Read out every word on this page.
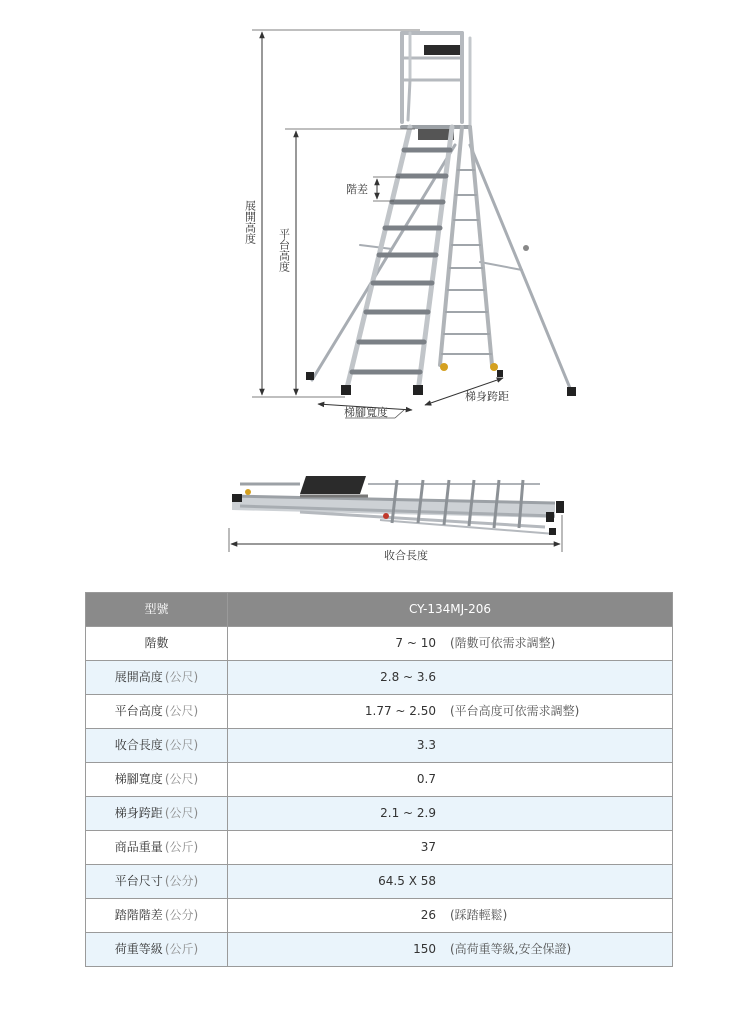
展開高度
平台高度
階差
梯腳寬度
梯身跨距
收合長度
型號	CY-134MJ-206
階數	7 ~ 10 (階數可依需求調整)
展開高度 (公尺)	2.8 ~ 3.6
平台高度 (公尺)	1.77 ~ 2.50 (平台高度可依需求調整)
收合長度 (公尺)	3.3
梯腳寬度 (公尺)	0.7
梯身跨距 (公尺)	2.1 ~ 2.9
商品重量 (公斤)	37
平台尺寸 (公分)	64.5 X 58
踏階階差 (公分)	26 (踩踏輕鬆)
荷重等級 (公斤)	150 (高荷重等級,安全保證)
